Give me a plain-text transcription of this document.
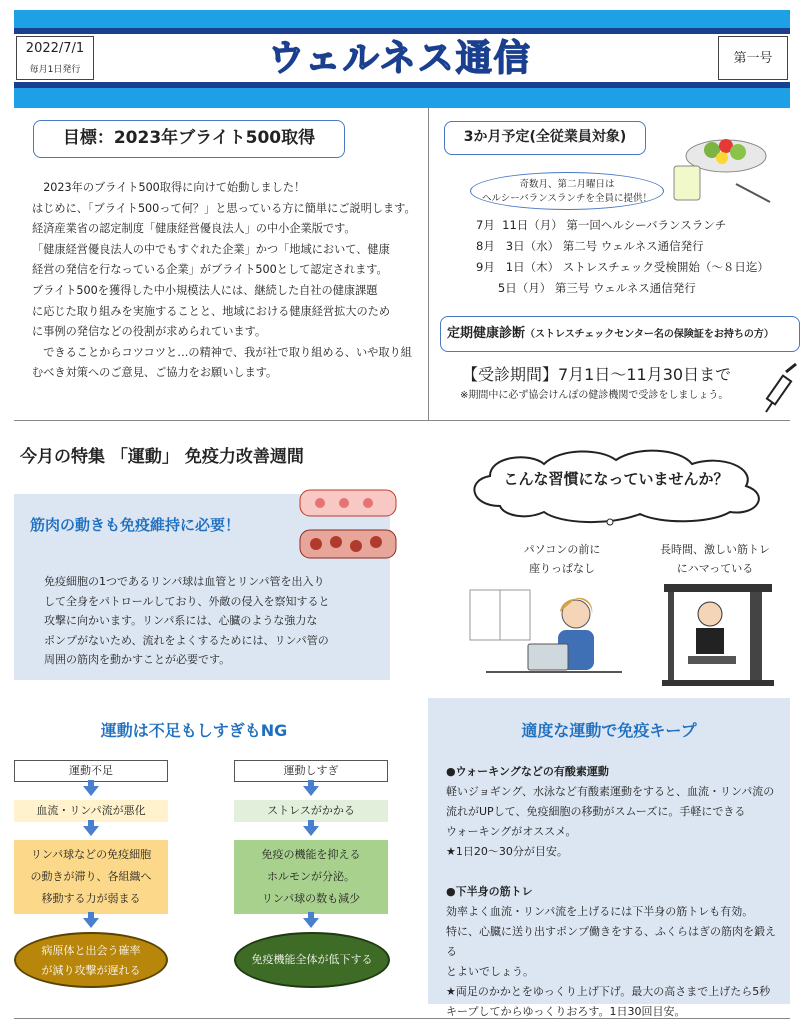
2022/7/1
毎月1日発行	ウェルネス通信	第一号
目標：2023年ブライト500取得

　2023年のブライト500取得に向けて始動しました！

はじめに、「ブライト500って何？」と思っている方に簡単にご説明します。

経済産業省の認定制度「健康経営優良法人」の中小企業版です。

「健康経営優良法人の中でもすぐれた企業」かつ「地域において、健康

経営の発信を行なっている企業」がブライト500として認定されます。

ブライト500を獲得した中小規模法人には、継続した自社の健康課題

に応じた取り組みを実施することと、地域における健康経営拡大のため

に事例の発信などの役割が求められています。

　できることからコツコツと…の精神で、我が社で取り組める、いや取り組

むべき対策へのご意見、ご協力をお願いします。

3か月予定(全従業員対象)
奇数月、第二月曜日は
ヘルシーバランスランチを全員に提供！
7月  11日（月） 第一回ヘルシーバランスランチ
8月   3日（水） 第二号 ウェルネス通信発行
9月   1日（木） ストレスチェック受検開始（～８日迄）
5日（月） 第三号 ウェルネス通信発行
定期健康診断（ストレスチェックセンター名の保険証をお持ちの方）
【受診期間】7月1日～11月30日まで
※期間中に必ず協会けんぽの健診機関で受診をしましょう。
今月の特集 「運動」 免疫力改善週間
筋肉の動きも免疫維持に必要！
免疫細胞の1つであるリンパ球は血管とリンパ管を出入り
して全身をパトロールしており、外敵の侵入を察知すると
攻撃に向かいます。リンパ系には、心臓のような強力な
ポンプがないため、流れをよくするためには、リンパ管の
周囲の筋肉を動かすことが必要です。
こんな習慣になっていませんか？
パソコンの前に
座りっぱなし
長時間、激しい筋トレ
にハマっている
運動は不足もしすぎもNG
運動不足
血流・リンパ流が悪化
リンパ球などの免疫細胞
の動きが滞り、各組織へ
移動する力が弱まる
病原体と出会う確率
が減り攻撃が遅れる
運動しすぎ
ストレスがかかる
免疫の機能を抑える
ホルモンが分泌。
リンパ球の数も減少
免疫機能全体が低下する
適度な運動で免疫キープ
●ウォーキングなどの有酸素運動
軽いジョギング、水泳など有酸素運動をすると、血流・リンパ流の
流れがUPして、免疫細胞の移動がスムーズに。手軽にできる
ウォーキングがオススメ。
★1日20～30分が目安。
●下半身の筋トレ
効率よく血流・リンパ流を上げるには下半身の筋トレも有効。
特に、心臓に送り出すポンプ働きをする、ふくらはぎの筋肉を鍛える
とよいでしょう。
★両足のかかとをゆっくり上げ下げ。最大の高さまで上げたら5秒
キープしてからゆっくりおろす。1日30回目安。
